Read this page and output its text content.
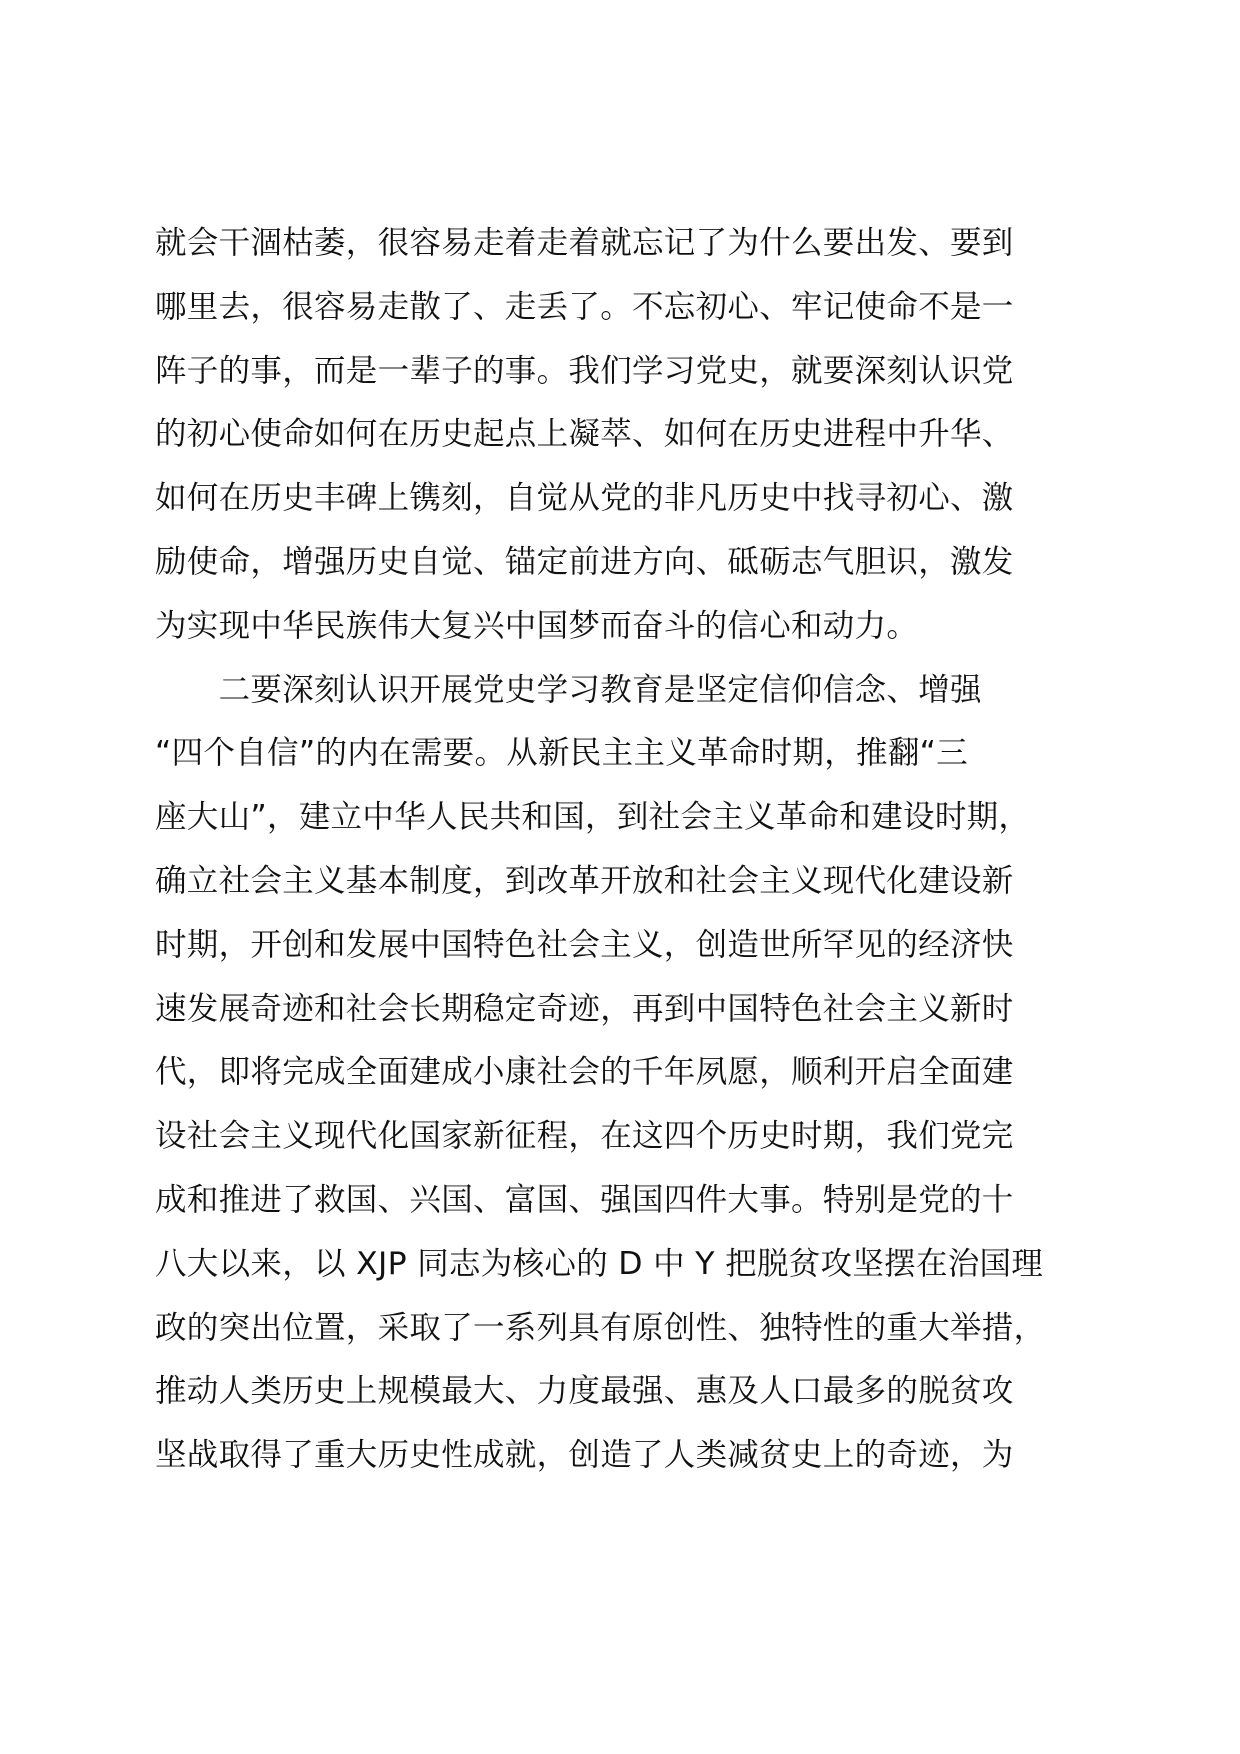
就会干涸枯萎，很容易走着走着就忘记了为什么要出发、要到
哪里去，很容易走散了、走丢了。不忘初心、牢记使命不是一
阵子的事，而是一辈子的事。我们学习党史，就要深刻认识党
的初心使命如何在历史起点上凝萃、如何在历史进程中升华、
如何在历史丰碑上镌刻，自觉从党的非凡历史中找寻初心、激
励使命，增强历史自觉、锚定前进方向、砥砺志气胆识，激发
为实现中华民族伟大复兴中国梦而奋斗的信心和动力。
　　二要深刻认识开展党史学习教育是坚定信仰信念、增强
“四个自信”的内在需要。从新民主主义革命时期，推翻“三
座大山”，建立中华人民共和国，到社会主义革命和建设时期，
确立社会主义基本制度，到改革开放和社会主义现代化建设新
时期，开创和发展中国特色社会主义，创造世所罕见的经济快
速发展奇迹和社会长期稳定奇迹，再到中国特色社会主义新时
代，即将完成全面建成小康社会的千年夙愿，顺利开启全面建
设社会主义现代化国家新征程，在这四个历史时期，我们党完
成和推进了救国、兴国、富国、强国四件大事。特别是党的十
八大以来，以 XJP 同志为核心的 D 中 Y 把脱贫攻坚摆在治国理
政的突出位置，采取了一系列具有原创性、独特性的重大举措，
推动人类历史上规模最大、力度最强、惠及人口最多的脱贫攻
坚战取得了重大历史性成就，创造了人类减贫史上的奇迹，为
